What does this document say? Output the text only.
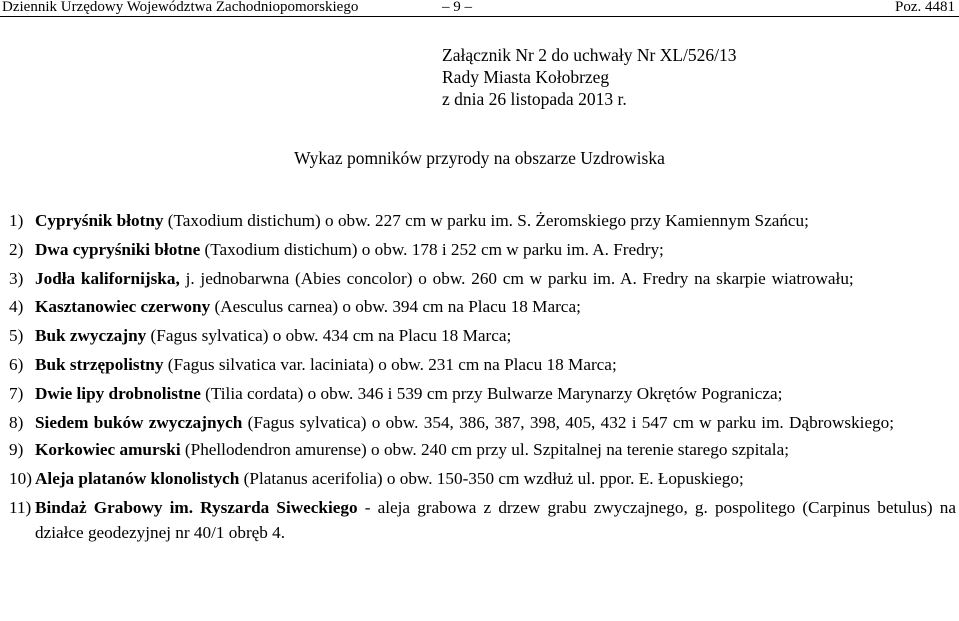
Dziennik Urzędowy Województwa Zachodniopomorskiego	– 9 –	Poz. 4481
Załącznik Nr 2 do uchwały Nr XL/526/13
Rady Miasta Kołobrzeg
z dnia 26 listopada 2013 r.
Wykaz pomników przyrody na obszarze Uzdrowiska
1) Cypryśnik błotny (Taxodium distichum) o obw. 227 cm w parku im. S. Żeromskiego przy Kamiennym Szańcu;
2) Dwa cypryśniki błotne (Taxodium distichum) o obw. 178 i 252 cm w parku im. A. Fredry;
3) Jodła kalifornijska, j. jednobarwna (Abies concolor) o obw. 260 cm w parku im. A. Fredry na skarpie wiatrowału;
4) Kasztanowiec czerwony (Aesculus carnea) o obw. 394 cm na Placu 18 Marca;
5) Buk zwyczajny (Fagus sylvatica) o obw. 434 cm na Placu 18 Marca;
6) Buk strzępolistny (Fagus silvatica var. laciniata) o obw. 231 cm na Placu 18 Marca;
7) Dwie lipy drobnolistne (Tilia cordata) o obw. 346 i 539 cm przy Bulwarze Marynarzy Okrętów Pogranicza;
8) Siedem buków zwyczajnych (Fagus sylvatica) o obw. 354, 386, 387, 398, 405, 432 i 547 cm w parku im. Dąbrowskiego;
9) Korkowiec amurski (Phellodendron amurense) o obw. 240 cm przy ul. Szpitalnej na terenie starego szpitala;
10) Aleja platanów klonolistych (Platanus acerifolia) o obw. 150-350 cm wzdłuż ul. ppor. E. Łopuskiego;
11) Bindaż Grabowy im. Ryszarda Siweckiego - aleja grabowa z drzew grabu zwyczajnego, g. pospolitego (Carpinus betulus) na działce geodezyjnej nr 40/1 obręb 4.
